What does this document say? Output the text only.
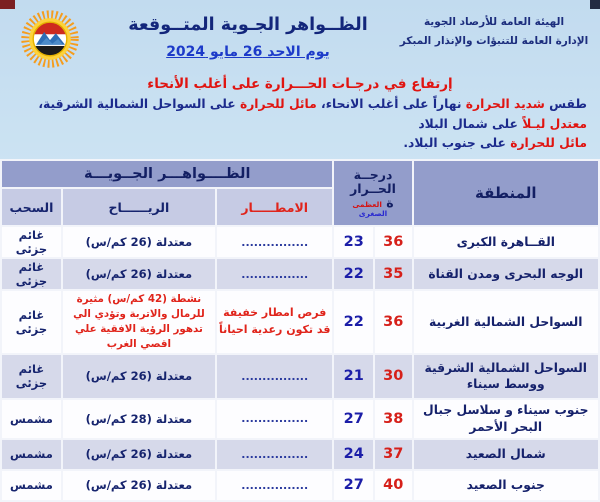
الهيئة العامة للأرصاد الجوية
الإدارة العامة للتنبؤات والإنذار المبكر
الظــواهر الجـوية المتــوقعة
يوم الاحد 26 مايو 2024
إرتفاع في درجـات الحـــرارة على أغلب الأنحاء
طقس شديد الحرارة نهاراً على أغلب الانحاء، مائل للحرارة على السواحل الشمالية الشرقية، معتدل ليـلاً على شمال البلاد
مائل للحرارة على جنوب البلاد.
المنطقة	درجــة
الحــرار
ة العظمى
الصغرى		الظــــواهـــر الجــويـــة		
			الامطـــــار	الريــــــاح	السحب
القــاهرة الكبرى	36	23	................	معتدلة (26 كم/س)	غائم جزئى
الوجه البحرى ومدن القناة	35	22	................	معتدلة (26 كم/س)	غائم جزئى
السواحل الشمالية الغربية	36	22	فرص امطار خفيفة قد تكون رعدية احياناً	نشطة (42 كم/س) مثيرة للرمال والاتربة وتؤدي الي تدهور الرؤية الافقية علي اقصي الغرب	غائم جزئى
السواحل الشمالية الشرقية ووسط سيناء	30	21	................	معتدلة (26 كم/س)	غائم جزئى
جنوب سيناء و سلاسل جبال البحر الأحمر	38	27	................	معتدلة (28 كم/س)	مشمس
شمال الصعيد	37	24	................	معتدلة (26 كم/س)	مشمس
جنوب الصعيد	40	27	................	معتدلة (26 كم/س)	مشمس
